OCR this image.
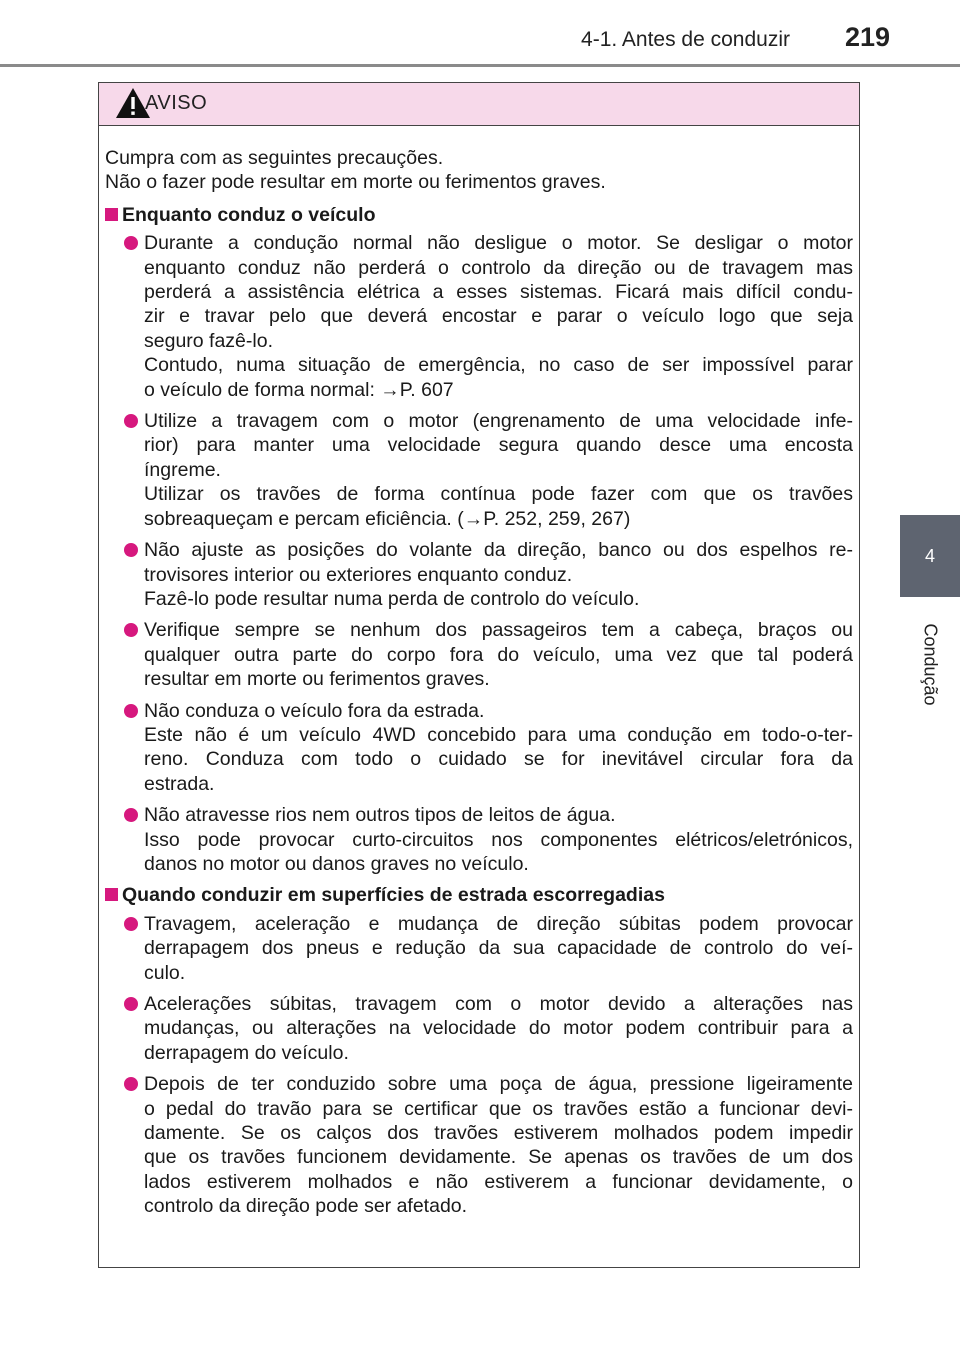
4-1. Antes de conduzir 219
4
Condução
AVISO

Cumpra com as seguintes precauções.
Não o fazer pode resultar em morte ou ferimentos graves.

Enquanto conduz o veículo

Durante a condução normal não desligue o motor. Se desligar o motor
enquanto conduz não perderá o controlo da direção ou de travagem mas
perderá a assistência elétrica a esses sistemas. Ficará mais difícil condu-
zir e travar pelo que deverá encostar e parar o veículo logo que seja
seguro fazê-lo.
Contudo, numa situação de emergência, no caso de ser impossível parar
o veículo de forma normal: →P. 607
Utilize a travagem com o motor (engrenamento de uma velocidade infe-
rior) para manter uma velocidade segura quando desce uma encosta
íngreme.
Utilizar os travões de forma contínua pode fazer com que os travões
sobreaqueçam e percam eficiência. (→P. 252, 259, 267)
Não ajuste as posições do volante da direção, banco ou dos espelhos re-
trovisores interior ou exteriores enquanto conduz.
Fazê-lo pode resultar numa perda de controlo do veículo.
Verifique sempre se nenhum dos passageiros tem a cabeça, braços ou
qualquer outra parte do corpo fora do veículo, uma vez que tal poderá
resultar em morte ou ferimentos graves.
Não conduza o veículo fora da estrada.
Este não é um veículo 4WD concebido para uma condução em todo-o-ter-
reno. Conduza com todo o cuidado se for inevitável circular fora da
estrada.
Não atravesse rios nem outros tipos de leitos de água.
Isso pode provocar curto-circuitos nos componentes elétricos/eletrónicos,
danos no motor ou danos graves no veículo.

Quando conduzir em superfícies de estrada escorregadias

Travagem, aceleração e mudança de direção súbitas podem provocar
derrapagem dos pneus e redução da sua capacidade de controlo do veí-
culo.
Acelerações súbitas, travagem com o motor devido a alterações nas
mudanças, ou alterações na velocidade do motor podem contribuir para a
derrapagem do veículo.
Depois de ter conduzido sobre uma poça de água, pressione ligeiramente
o pedal do travão para se certificar que os travões estão a funcionar devi-
damente. Se os calços dos travões estiverem molhados podem impedir
que os travões funcionem devidamente. Se apenas os travões de um dos
lados estiverem molhados e não estiverem a funcionar devidamente, o
controlo da direção pode ser afetado.
